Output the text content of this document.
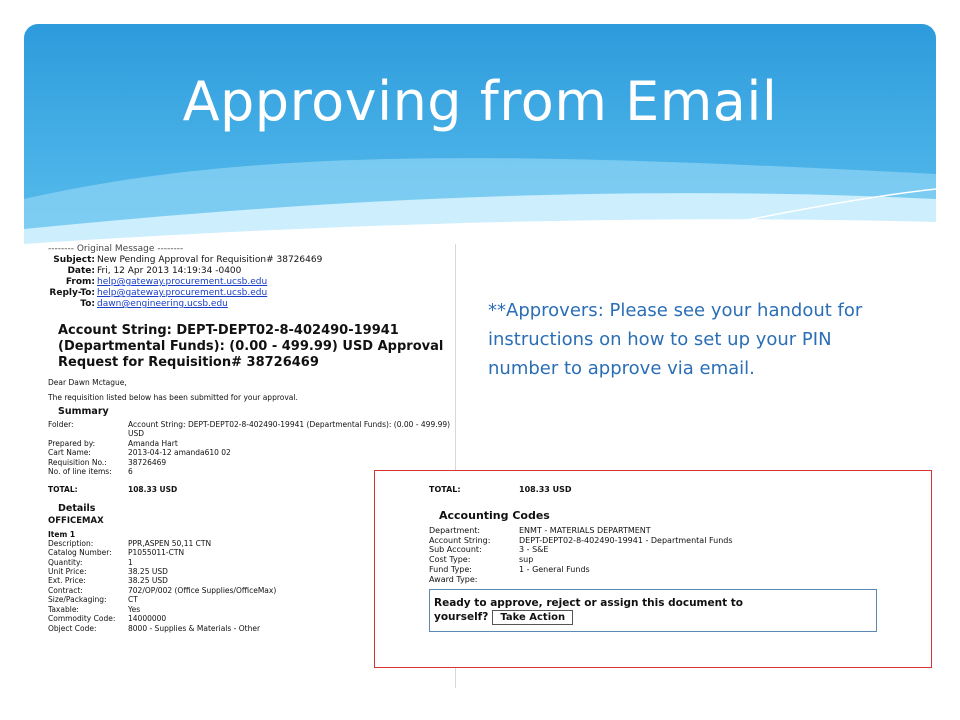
Approving from Email
-------- Original Message --------
Subject: New Pending Approval for Requisition# 38726469
Date: Fri, 12 Apr 2013 14:19:34 -0400
From: help@gateway.procurement.ucsb.edu
Reply-To: help@gateway.procurement.ucsb.edu
To: dawn@engineering.ucsb.edu
Account String: DEPT-DEPT02-8-402490-19941 (Departmental Funds): (0.00 - 499.99) USD Approval Request for Requisition# 38726469
Dear Dawn Mctague,
The requisition listed below has been submitted for your approval.
Summary
Folder:	Account String: DEPT-DEPT02-8-402490-19941 (Departmental Funds): (0.00 - 499.99) USD
Prepared by:	Amanda Hart
Cart Name:	2013-04-12 amanda610 02
Requisition No.:	38726469
No. of line items:	6
TOTAL:	108.33 USD
Details
OFFICEMAX
Item 1
Description:	PPR,ASPEN 50,11 CTN
Catalog Number:	P1055011-CTN
Quantity:	1
Unit Price:	38.25 USD
Ext. Price:	38.25 USD
Contract:	702/OP/002 (Office Supplies/OfficeMax)
Size/Packaging:	CT
Taxable:	Yes
Commodity Code:	14000000
Object Code:	8000 - Supplies & Materials - Other
**Approvers: Please see your handout for instructions on how to set up your PIN number to approve via email.
TOTAL:	108.33 USD
Accounting Codes
Department:	ENMT - MATERIALS DEPARTMENT
Account String:	DEPT-DEPT02-8-402490-19941 - Departmental Funds
Sub Account:	3 - S&E
Cost Type:	sup
Fund Type:	1 - General Funds
Award Type:
Ready to approve, reject or assign this document to
yourself? Take Action
